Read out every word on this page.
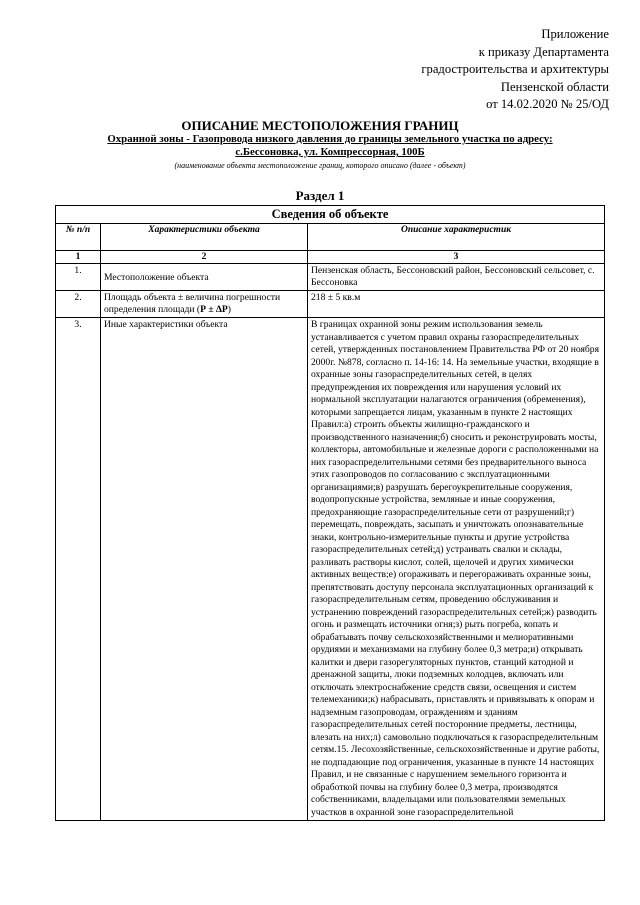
Приложение
к приказу Департамента
градостроительства и архитектуры
Пензенской области
от 14.02.2020 № 25/ОД
ОПИСАНИЕ МЕСТОПОЛОЖЕНИЯ ГРАНИЦ
Охранной зоны - Газопровода низкого давления до границы земельного участка по адресу:
с.Бессоновка, ул. Компрессорная, 100Б
(наименование объекта местоположение границ, которого описано (далее - объект)
Раздел 1
Сведения об объекте		
№ п/п	Характеристики объекта	Описание характеристик
1	2	3
1.	Местоположение объекта	Пензенская область, Бессоновский район, Бессоновский сельсовет, с. Бессоновка
2.	Площадь объекта ± величина погрешности определения площади (Р ± ∆Р)	218 ± 5 кв.м
3.	Иные характеристики объекта	В границах охранной зоны режим использования земель устанавливается с учетом правил охраны газораспределительных сетей, утвержденных постановлением Правительства РФ от 20 ноября 2000г. №878, согласно п. 14-16: 14. На земельные участки, входящие в охранные зоны газораспределительных сетей, в целях предупреждения их повреждения или нарушения условий их нормальной эксплуатации налагаются ограничения (обременения), которыми запрещается лицам, указанным в пункте 2 настоящих Правил:а) строить объекты жилищно-гражданского и производственного назначения;б) сносить и реконструировать мосты, коллекторы, автомобильные и железные дороги с расположенными на них газораспределительными сетями без предварительного выноса этих газопроводов по согласованию с эксплуатационными организациями;в) разрушать берегоукрепительные сооружения, водопропускные устройства, земляные и иные сооружения, предохраняющие газораспределительные сети от разрушений;г) перемещать, повреждать, засыпать и уничтожать опознавательные знаки, контрольно-измерительные пункты и другие устройства газораспределительных сетей;д) устраивать свалки и склады, разливать растворы кислот, солей, щелочей и других химически активных веществ;е) огораживать и перегораживать охранные зоны, препятствовать доступу персонала эксплуатационных организаций к газораспределительным сетям, проведению обслуживания и устранению повреждений газораспределительных сетей;ж) разводить огонь и размещать источники огня;з) рыть погреба, копать и обрабатывать почву сельскохозяйственными и мелиоративными орудиями и механизмами на глубину более 0,3 метра;и) открывать калитки и двери газорегуляторных пунктов, станций катодной и дренажной защиты, люки подземных колодцев, включать или отключать электроснабжение средств связи, освещения и систем телемеханики;к) набрасывать, приставлять и привязывать к опорам и надземным газопроводам, ограждениям и зданиям газораспределительных сетей посторонние предметы, лестницы, влезать на них;л) самовольно подключаться к газораспределительным сетям.15. Лесохозяйственные, сельскохозяйственные и другие работы, не подпадающие под ограничения, указанные в пункте 14 настоящих Правил, и не связанные с нарушением земельного горизонта и обработкой почвы на глубину более 0,3 метра, производятся собственниками, владельцами или пользователями земельных участков в охранной зоне газораспределительной
